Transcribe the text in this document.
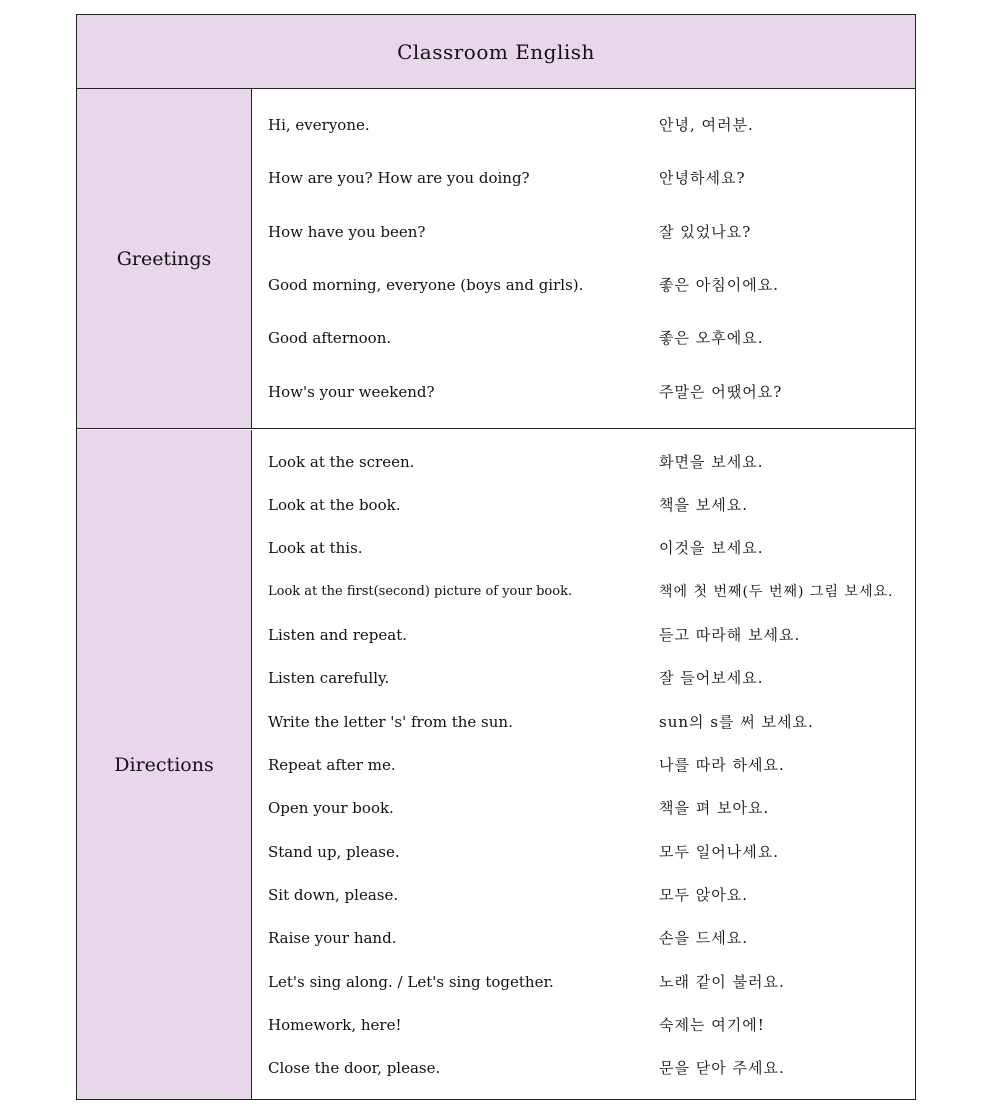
Classroom English
Greetings
Hi, everyone.	안녕, 여러분.
How are you? How are you doing?	안녕하세요?
How have you been?	잘 있었나요?
Good morning, everyone (boys and girls).	좋은 아침이에요.
Good afternoon.	좋은 오후에요.
How's your weekend?	주말은 어땠어요?
Directions
Look at the screen.	화면을 보세요.
Look at the book.	책을 보세요.
Look at this.	이것을 보세요.
Look at the first(second) picture of your book.	책에 첫 번째(두 번째) 그림 보세요.
Listen and repeat.	듣고 따라해 보세요.
Listen carefully.	잘 들어보세요.
Write the letter 's' from the sun.	sun의 s를 써 보세요.
Repeat after me.	나를 따라 하세요.
Open your book.	책을 펴 보아요.
Stand up, please.	모두 일어나세요.
Sit down, please.	모두 앉아요.
Raise your hand.	손을 드세요.
Let's sing along. / Let's sing together.	노래 같이 불러요.
Homework, here!	숙제는 여기에!
Close the door, please.	문을 닫아 주세요.
